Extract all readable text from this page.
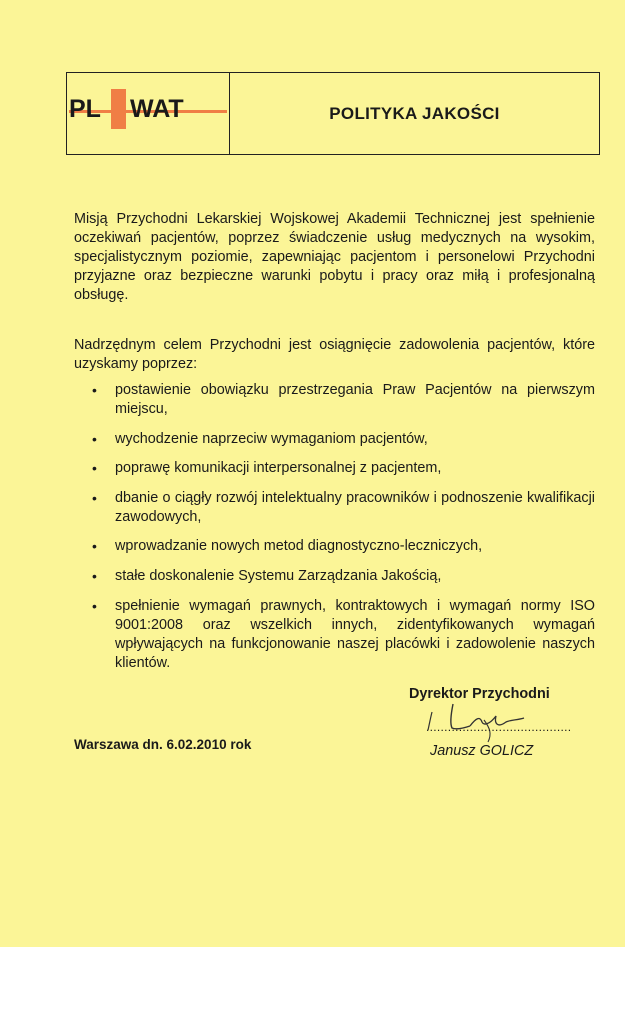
PL WAT	POLITYKA JAKOŚCI
Misją Przychodni Lekarskiej Wojskowej Akademii Technicznej jest spełnienie oczekiwań pacjentów, poprzez świadczenie usług medycznych na wysokim, specjalistycznym poziomie, zapewniając pacjentom i personelowi Przychodni przyjazne oraz bezpieczne warunki pobytu i pracy oraz miłą i profesjonalną obsługę.
Nadrzędnym celem Przychodni jest osiągnięcie zadowolenia pacjentów, które uzyskamy poprzez:
• postawienie obowiązku przestrzegania Praw Pacjentów na pierwszym miejscu,
• wychodzenie naprzeciw wymaganiom pacjentów,
• poprawę komunikacji interpersonalnej z pacjentem,
• dbanie o ciągły rozwój intelektualny pracowników i podnoszenie kwalifikacji zawodowych,
• wprowadzanie nowych metod diagnostyczno-leczniczych,
• stałe doskonalenie Systemu Zarządzania Jakością,
• spełnienie wymagań prawnych, kontraktowych i wymagań normy ISO 9001:2008 oraz wszelkich innych, zidentyfikowanych wymagań wpływających na funkcjonowanie naszej placówki i zadowolenie naszych klientów.
Dyrektor Przychodni
........................................
Janusz GOLICZ
Warszawa dn. 6.02.2010 rok
